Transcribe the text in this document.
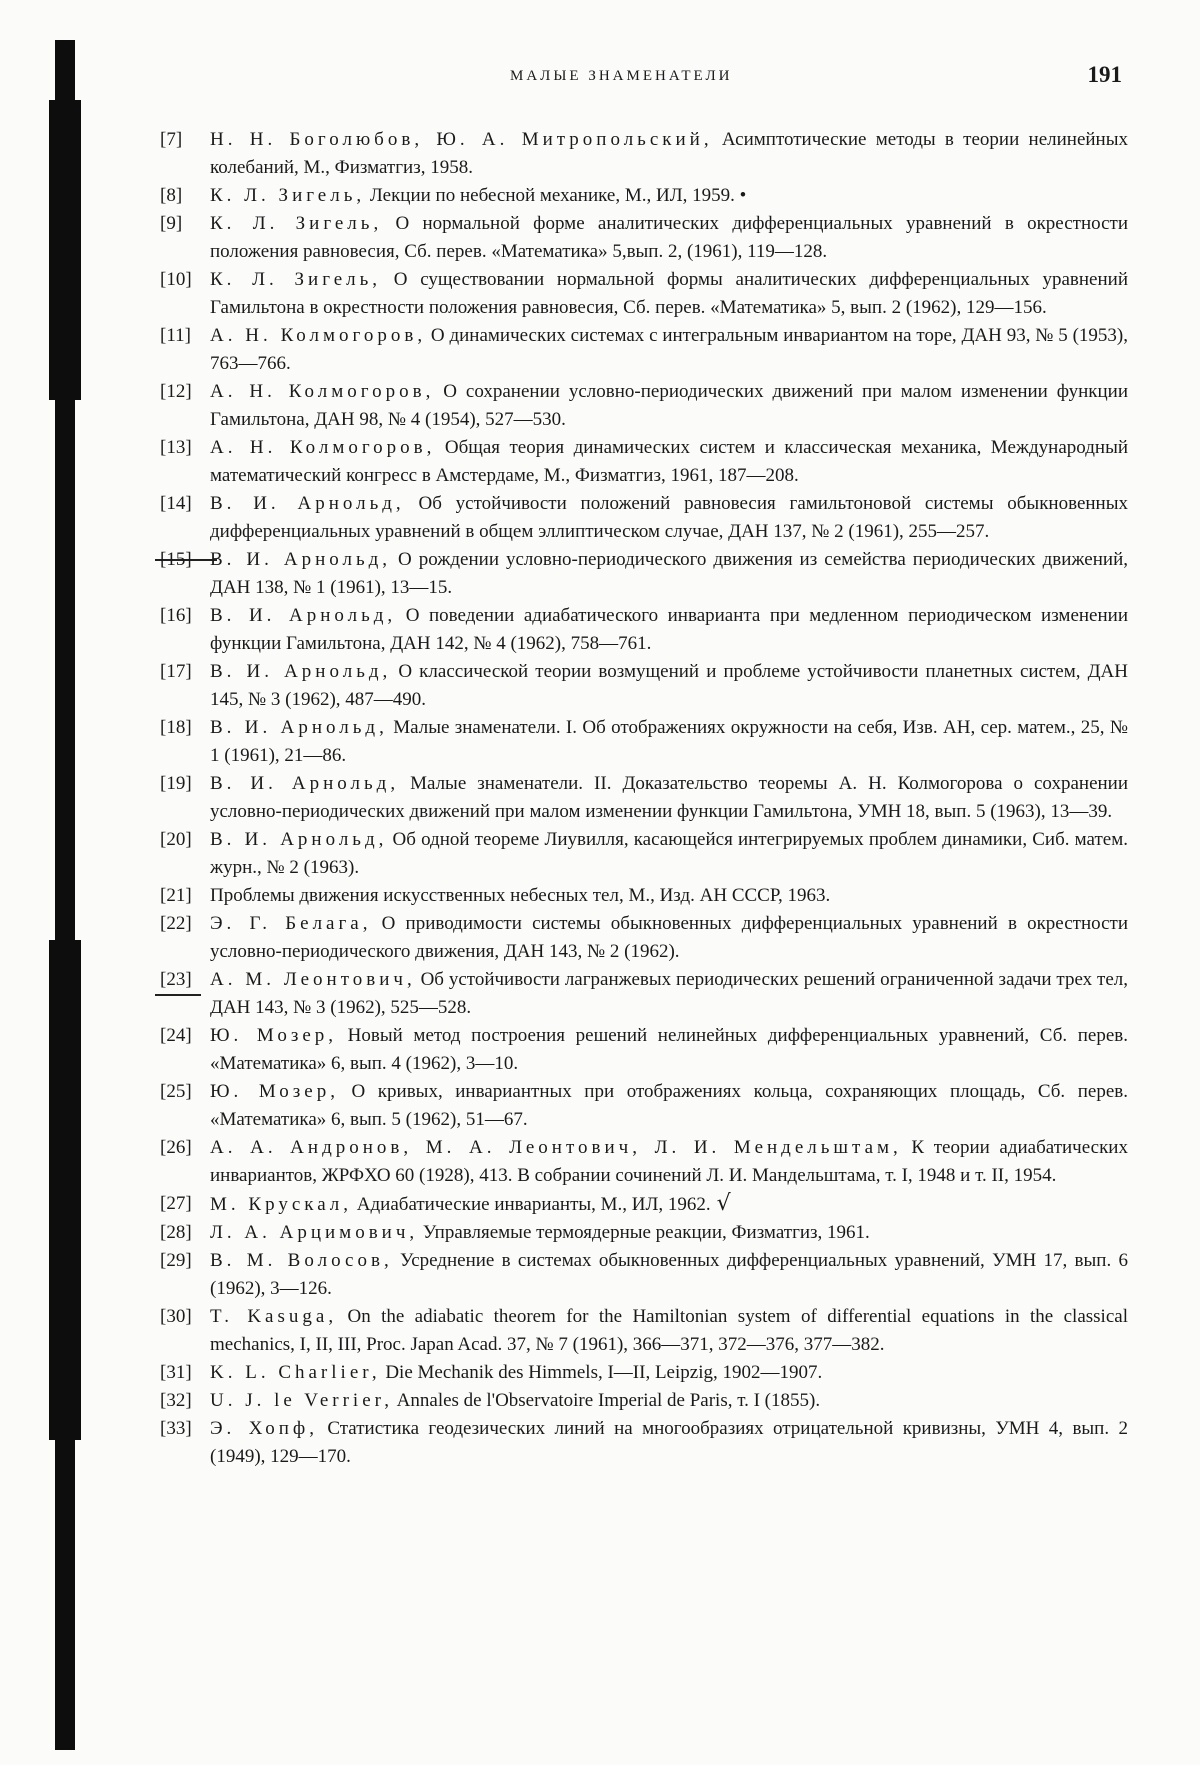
МАЛЫЕ ЗНАМЕНАТЕЛИ	191
[7] Н. Н. Боголюбов, Ю. А. Митропольский, Асимптотические методы в теории нелинейных колебаний, М., Физматгиз, 1958.
[8] К. Л. Зигель, Лекции по небесной механике, М., ИЛ, 1959. •
[9] К. Л. Зигель, О нормальной форме аналитических дифференциальных уравнений в окрестности положения равновесия, Сб. перев. «Математика» 5,вып. 2, (1961), 119—128.
[10] К. Л. Зигель, О существовании нормальной формы аналитических дифференциальных уравнений Гамильтона в окрестности положения равновесия, Сб. перев. «Математика» 5, вып. 2 (1962), 129—156.
[11] А. Н. Колмогоров, О динамических системах с интегральным инвариантом на торе, ДАН 93, № 5 (1953), 763—766.
[12] А. Н. Колмогоров, О сохранении условно-периодических движений при малом изменении функции Гамильтона, ДАН 98, № 4 (1954), 527—530.
[13] А. Н. Колмогоров, Общая теория динамических систем и классическая механика, Международный математический конгресс в Амстердаме, М., Физматгиз, 1961, 187—208.
[14] В. И. Арнольд, Об устойчивости положений равновесия гамильтоновой системы обыкновенных дифференциальных уравнений в общем эллиптическом случае, ДАН 137, № 2 (1961), 255—257.
[15] В. И. Арнольд, О рождении условно-периодического движения из семейства периодических движений, ДАН 138, № 1 (1961), 13—15.
[16] В. И. Арнольд, О поведении адиабатического инварианта при медленном периодическом изменении функции Гамильтона, ДАН 142, № 4 (1962), 758—761.
[17] В. И. Арнольд, О классической теории возмущений и проблеме устойчивости планетных систем, ДАН 145, № 3 (1962), 487—490.
[18] В. И. Арнольд, Малые знаменатели. I. Об отображениях окружности на себя, Изв. АН, сер. матем., 25, № 1 (1961), 21—86.
[19] В. И. Арнольд, Малые знаменатели. II. Доказательство теоремы А. Н. Колмогорова о сохранении условно-периодических движений при малом изменении функции Гамильтона, УМН 18, вып. 5 (1963), 13—39.
[20] В. И. Арнольд, Об одной теореме Лиувилля, касающейся интегрируемых проблем динамики, Сиб. матем. журн., № 2 (1963).
[21] Проблемы движения искусственных небесных тел, М., Изд. АН СССР, 1963.
[22] Э. Г. Белага, О приводимости системы обыкновенных дифференциальных уравнений в окрестности условно-периодического движения, ДАН 143, № 2 (1962).
[23] А. М. Леонтович, Об устойчивости лагранжевых периодических решений ограниченной задачи трех тел, ДАН 143, № 3 (1962), 525—528.
[24] Ю. Мозер, Новый метод построения решений нелинейных дифференциальных уравнений, Сб. перев. «Математика» 6, вып. 4 (1962), 3—10.
[25] Ю. Мозер, О кривых, инвариантных при отображениях кольца, сохраняющих площадь, Сб. перев. «Математика» 6, вып. 5 (1962), 51—67.
[26] А. А. Андронов, М. А. Леонтович, Л. И. Мендельштам, К теории адиабатических инвариантов, ЖРФХО 60 (1928), 413. В собрании сочинений Л. И. Мандельштама, т. I, 1948 и т. II, 1954.
[27] М. Крускал, Адиабатические инварианты, М., ИЛ, 1962. √
[28] Л. А. Арцимович, Управляемые термоядерные реакции, Физматгиз, 1961.
[29] В. М. Волосов, Усреднение в системах обыкновенных дифференциальных уравнений, УМН 17, вып. 6 (1962), 3—126.
[30] T. Kasuga, On the adiabatic theorem for the Hamiltonian system of differential equations in the classical mechanics, I, II, III, Proc. Japan Acad. 37, № 7 (1961), 366—371, 372—376, 377—382.
[31] K. L. Charlier, Die Mechanik des Himmels, I—II, Leipzig, 1902—1907.
[32] U. J. le Verrier, Annales de l'Observatoire Imperial de Paris, т. I (1855).
[33] Э. Хопф, Статистика геодезических линий на многообразиях отрицательной кривизны, УМН 4, вып. 2 (1949), 129—170.
